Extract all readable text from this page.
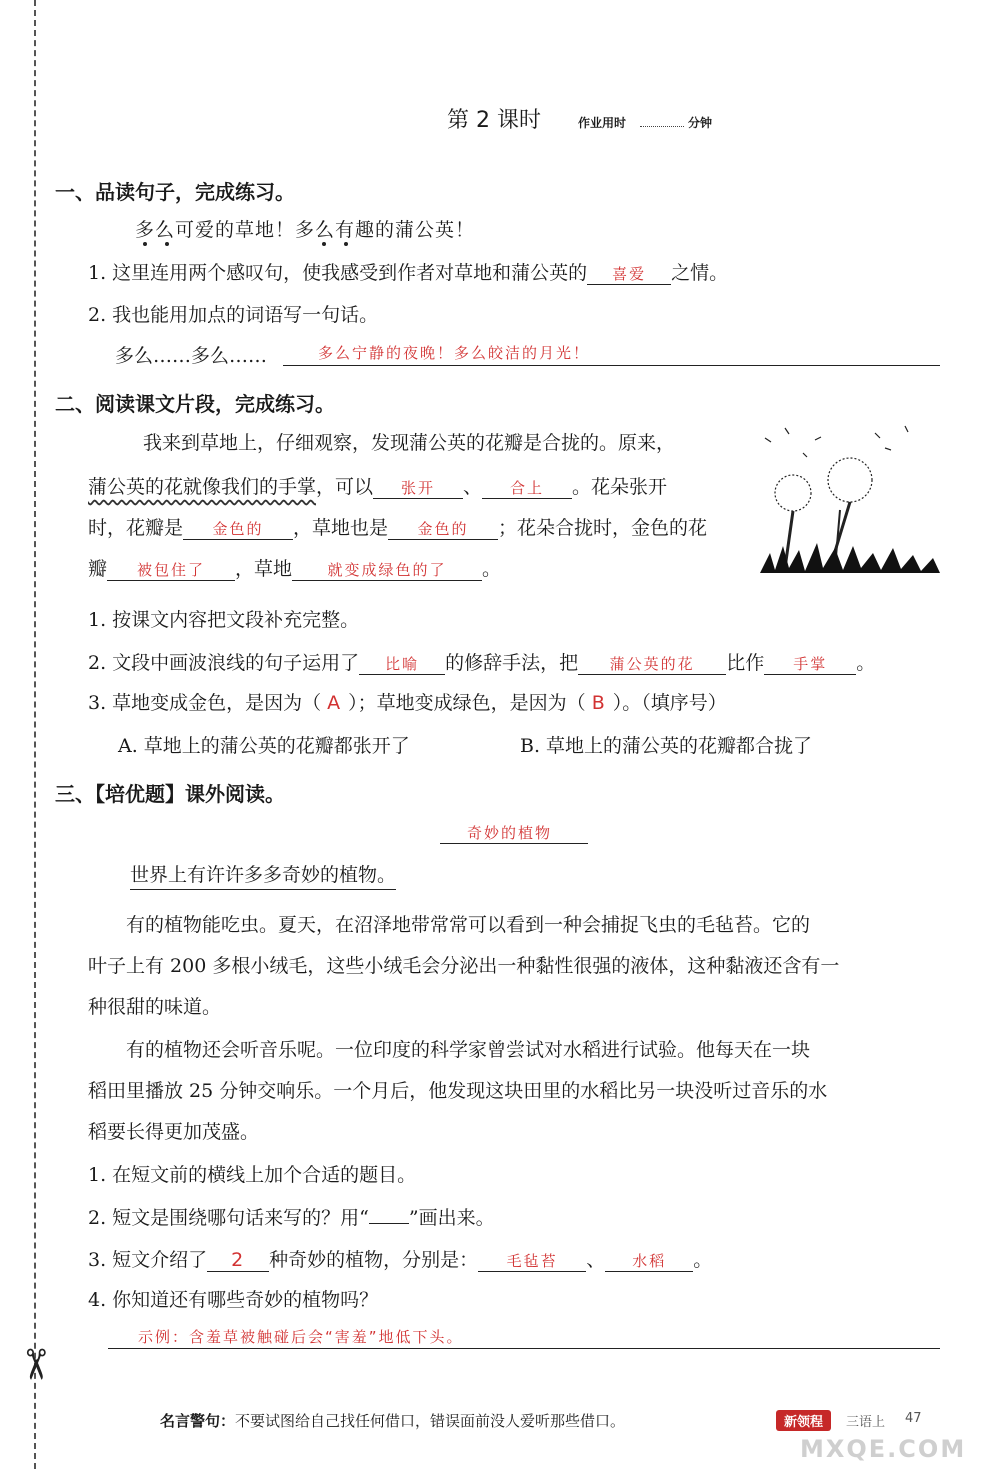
✂
第 2 课时	作业用时	分钟
一、品读句子，完成练习。
多么可爱的草地！多么有趣的蒲公英！
1. 这里连用两个感叹句，使我感受到作者对草地和蒲公英的 喜爱 之情。
2. 我也能用加点的词语写一句话。
多么……多么……	多么宁静的夜晚！多么皎洁的月光！
二、阅读课文片段，完成练习。
我来到草地上，仔细观察，发现蒲公英的花瓣是合拢的。原来，
蒲公英的花就像我们的手掌，可以 张开 、 合上 。花朵张开
时，花瓣是 金色的 ，草地也是 金色的 ；花朵合拢时，金色的花
瓣 被包住了 ，草地 就变成绿色的了 。
1. 按课文内容把文段补充完整。
2. 文段中画波浪线的句子运用了 比喻 的修辞手法，把 蒲公英的花 比作 手掌 。
3. 草地变成金色，是因为（ A ）；草地变成绿色，是因为（ B ）。（填序号）
A. 草地上的蒲公英的花瓣都张开了	B. 草地上的蒲公英的花瓣都合拢了
三、【培优题】课外阅读。
奇妙的植物
世界上有许许多多奇妙的植物。
有的植物能吃虫。夏天，在沼泽地带常常可以看到一种会捕捉飞虫的毛毡苔。它的
叶子上有 200 多根小绒毛，这些小绒毛会分泌出一种黏性很强的液体，这种黏液还含有一
种很甜的味道。
有的植物还会听音乐呢。一位印度的科学家曾尝试对水稻进行试验。他每天在一块
稻田里播放 25 分钟交响乐。一个月后，他发现这块田里的水稻比另一块没听过音乐的水
稻要长得更加茂盛。
1. 在短文前的横线上加个合适的题目。
2. 短文是围绕哪句话来写的？用“ ”画出来。
3. 短文介绍了 2 种奇妙的植物，分别是： 毛毡苔 、 水稻 。
4. 你知道还有哪些奇妙的植物吗？
示例：含羞草被触碰后会“害羞”地低下头。
名言警句：不要试图给自己找任何借口，错误面前没人爱听那些借口。	新领程	三语上 47
MXQE.COM
